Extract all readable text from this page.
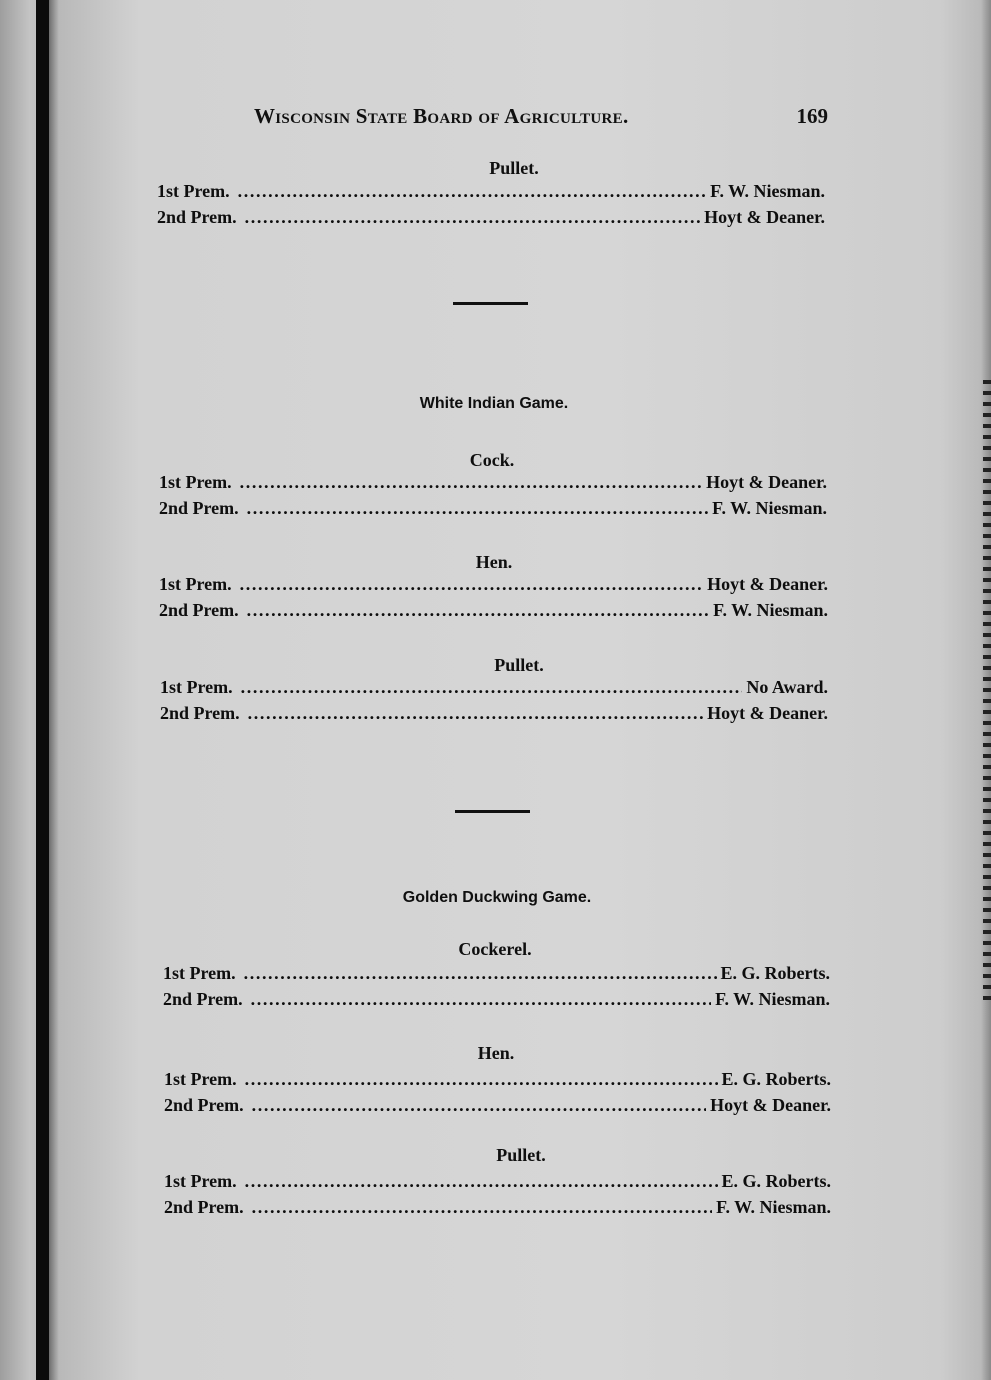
Wisconsin State Board of Agriculture.	169
Pullet.
1st Prem. .....	F. W. Niesman.
2nd Prem. .....	Hoyt & Deaner.
White Indian Game.
Cock.
1st Prem. .....	Hoyt & Deaner.
2nd Prem. .....	F. W. Niesman.
Hen.
1st Prem. .....	Hoyt & Deaner.
2nd Prem. .....	F. W. Niesman.
Pullet.
1st Prem. .....	No Award.
2nd Prem. .....	Hoyt & Deaner.
Golden Duckwing Game.
Cockerel.
1st Prem. .....	E. G. Roberts.
2nd Prem. .....	F. W. Niesman.
Hen.
1st Prem. .....	E. G. Roberts.
2nd Prem. .....	Hoyt & Deaner.
Pullet.
1st Prem. .....	E. G. Roberts.
2nd Prem. .....	F. W. Niesman.
